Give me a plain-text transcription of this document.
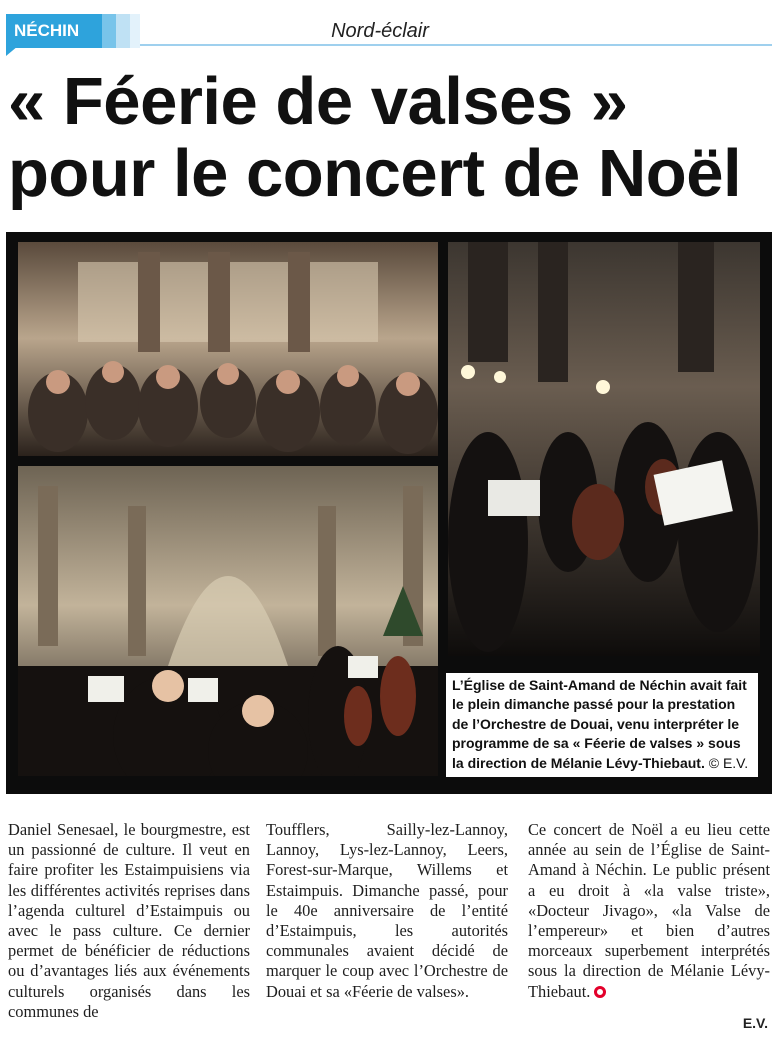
NÉCHIN	Nord-éclair
« Féerie de valses »
pour le concert de Noël
L’Église de Saint-Amand de Néchin avait fait le plein dimanche passé pour la prestation de l’Orchestre de Douai, venu interpréter le programme de sa « Féerie de valses » sous la direction de Mélanie Lévy-Thiebaut. © E.V.
Daniel Senesael, le bourgmestre, est un passionné de culture. Il veut en faire profiter les Estaimpuisiens via les différentes activités reprises dans l’agenda culturel d’Estaimpuis ou avec le pass culture. Ce dernier permet de bénéficier de réductions ou d’avantages liés aux événements culturels organisés dans les communes de
Toufflers, Sailly-lez-Lannoy, Lannoy, Lys-lez-Lannoy, Leers, Forest-sur-Marque, Willems et Estaimpuis. Dimanche passé, pour le 40e anniversaire de l’entité d’Estaimpuis, les autorités communales avaient décidé de marquer le coup avec l’Orchestre de Douai et sa «Féerie de valses».
Ce concert de Noël a eu lieu cette année au sein de l’Église de Saint-Amand à Néchin. Le public présent a eu droit à «la valse triste», «Docteur Jivago», «la Valse de l’empereur» et bien d’autres morceaux superbement interprétés sous la direction de Mélanie Lévy-Thiebaut.
E.V.
